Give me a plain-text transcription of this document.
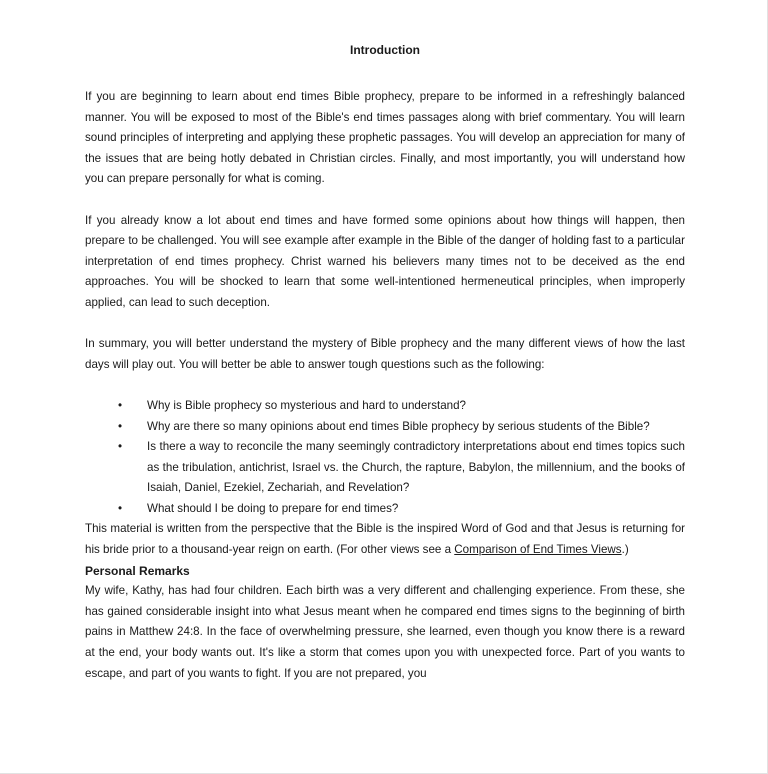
Introduction

If you are beginning to learn about end times Bible prophecy, prepare to be informed in a refreshingly balanced manner. You will be exposed to most of the Bible's end times passages along with brief commentary. You will learn sound principles of interpreting and applying these prophetic passages. You will develop an appreciation for many of the issues that are being hotly debated in Christian circles. Finally, and most importantly, you will understand how you can prepare personally for what is coming.

If you already know a lot about end times and have formed some opinions about how things will happen, then prepare to be challenged. You will see example after example in the Bible of the danger of holding fast to a particular interpretation of end times prophecy. Christ warned his believers many times not to be deceived as the end approaches. You will be shocked to learn that some well-intentioned hermeneutical principles, when improperly applied, can lead to such deception.

In summary, you will better understand the mystery of Bible prophecy and the many different views of how the last days will play out. You will better be able to answer tough questions such as the following:

• Why is Bible prophecy so mysterious and hard to understand?
• Why are there so many opinions about end times Bible prophecy by serious students of the Bible?
• Is there a way to reconcile the many seemingly contradictory interpretations about end times topics such as the tribulation, antichrist, Israel vs. the Church, the rapture, Babylon, the millennium, and the books of Isaiah, Daniel, Ezekiel, Zechariah, and Revelation?
• What should I be doing to prepare for end times?

This material is written from the perspective that the Bible is the inspired Word of God and that Jesus is returning for his bride prior to a thousand-year reign on earth. (For other views see a Comparison of End Times Views.)

Personal Remarks

My wife, Kathy, has had four children. Each birth was a very different and challenging experience. From these, she has gained considerable insight into what Jesus meant when he compared end times signs to the beginning of birth pains in Matthew 24:8. In the face of overwhelming pressure, she learned, even though you know there is a reward at the end, your body wants out. It's like a storm that comes upon you with unexpected force. Part of you wants to escape, and part of you wants to fight. If you are not prepared, you
